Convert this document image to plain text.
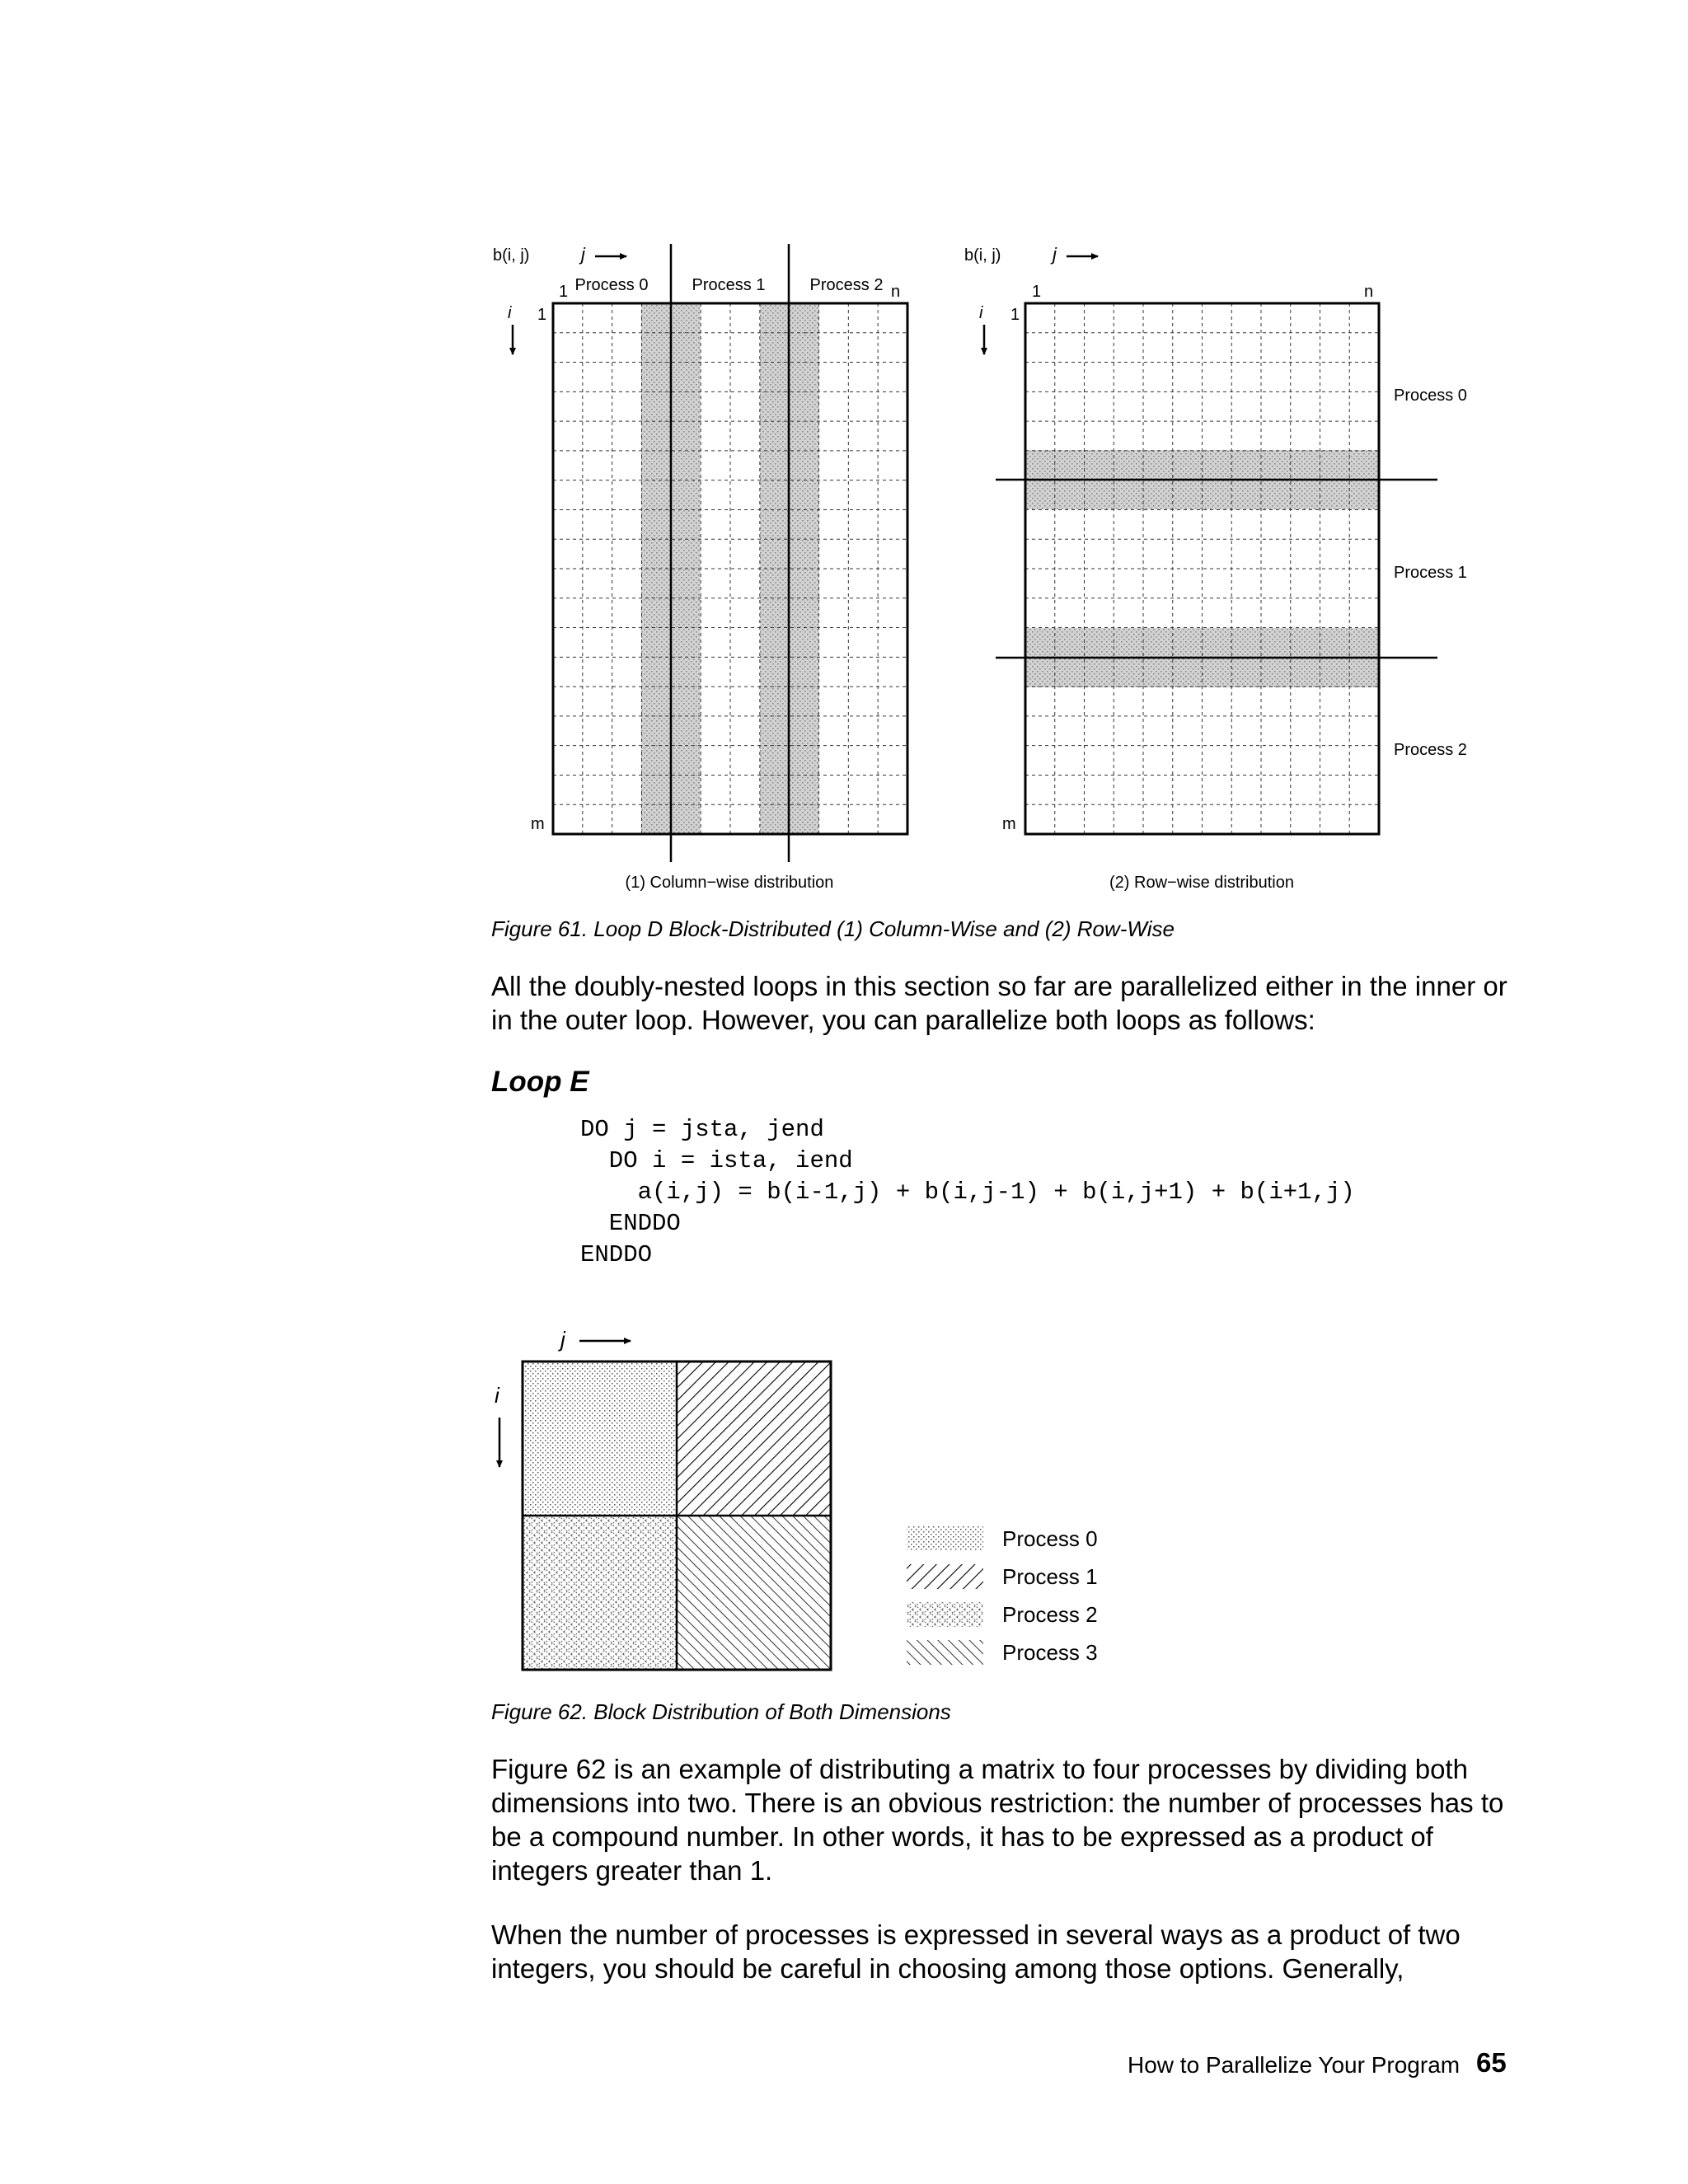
b(i, j)	j
i
1	n
1
m
Process 0	Process 1	Process 2
(1) Column−wise distribution
b(i, j)	j
i
1	n
1
m
Process 0
Process 1
Process 2
(2) Row−wise distribution
Figure 61. Loop D Block-Distributed (1) Column-Wise and (2) Row-Wise
All the doubly-nested loops in this section so far are parallelized either in the inner or in the outer loop. However, you can parallelize both loops as follows:
Loop E
DO j = jsta, jend
DO i = ista, iend
a(i,j) = b(i-1,j) + b(i,j-1) + b(i,j+1) + b(i+1,j)
ENDDO
ENDDO
j
i
Process 0
Process 1
Process 2
Process 3
Figure 62. Block Distribution of Both Dimensions
Figure 62 is an example of distributing a matrix to four processes by dividing both dimensions into two. There is an obvious restriction: the number of processes has to be a compound number. In other words, it has to be expressed as a product of integers greater than 1.
When the number of processes is expressed in several ways as a product of two integers, you should be careful in choosing among those options. Generally,
How to Parallelize Your Program 65
